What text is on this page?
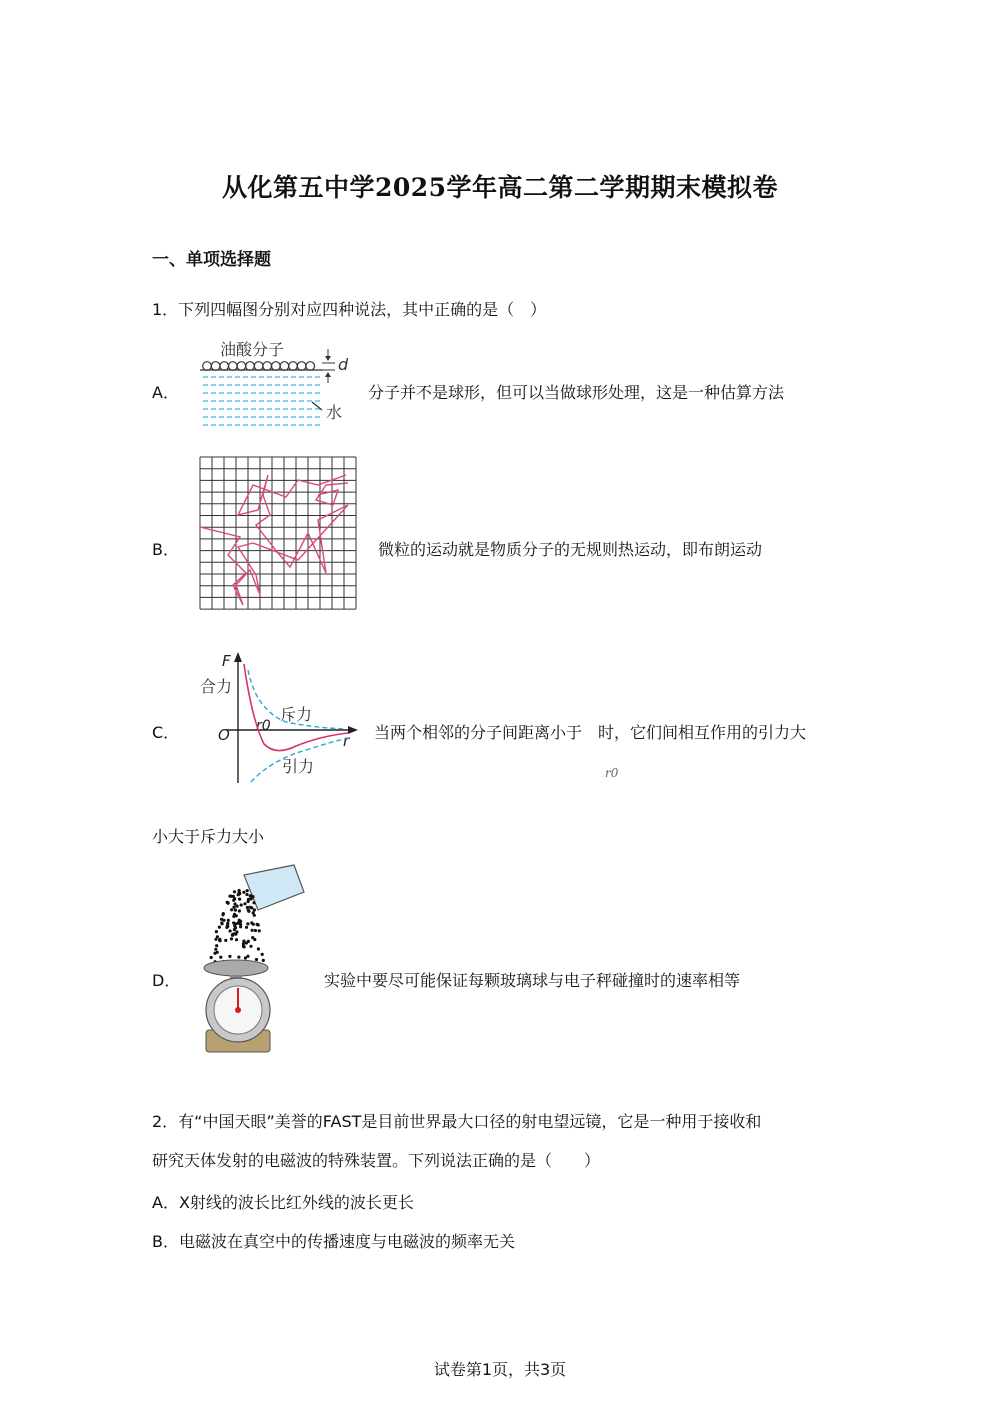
从化第五中学2025学年高二第二学期期末模拟卷
一、单项选择题
1．下列四幅图分别对应四种说法，其中正确的是（　）
A．
油酸分子
d
水
分子并不是球形，但可以当做球形处理，这是一种估算方法
B．	微粒的运动就是物质分子的无规则热运动，即布朗运动
C．
F
合力
斥力
O r0
r
引力
当两个相邻的分子间距离小于　时，它们间相互作用的引力大
r0
小大于斥力大小
D．	实验中要尽可能保证每颗玻璃球与电子秤碰撞时的速率相等
2．有“中国天眼”美誉的FAST是目前世界最大口径的射电望远镜，它是一种用于接收和
研究天体发射的电磁波的特殊装置。下列说法正确的是（　　）
A．X射线的波长比红外线的波长更长
B．电磁波在真空中的传播速度与电磁波的频率无关
试卷第1页，共3页
